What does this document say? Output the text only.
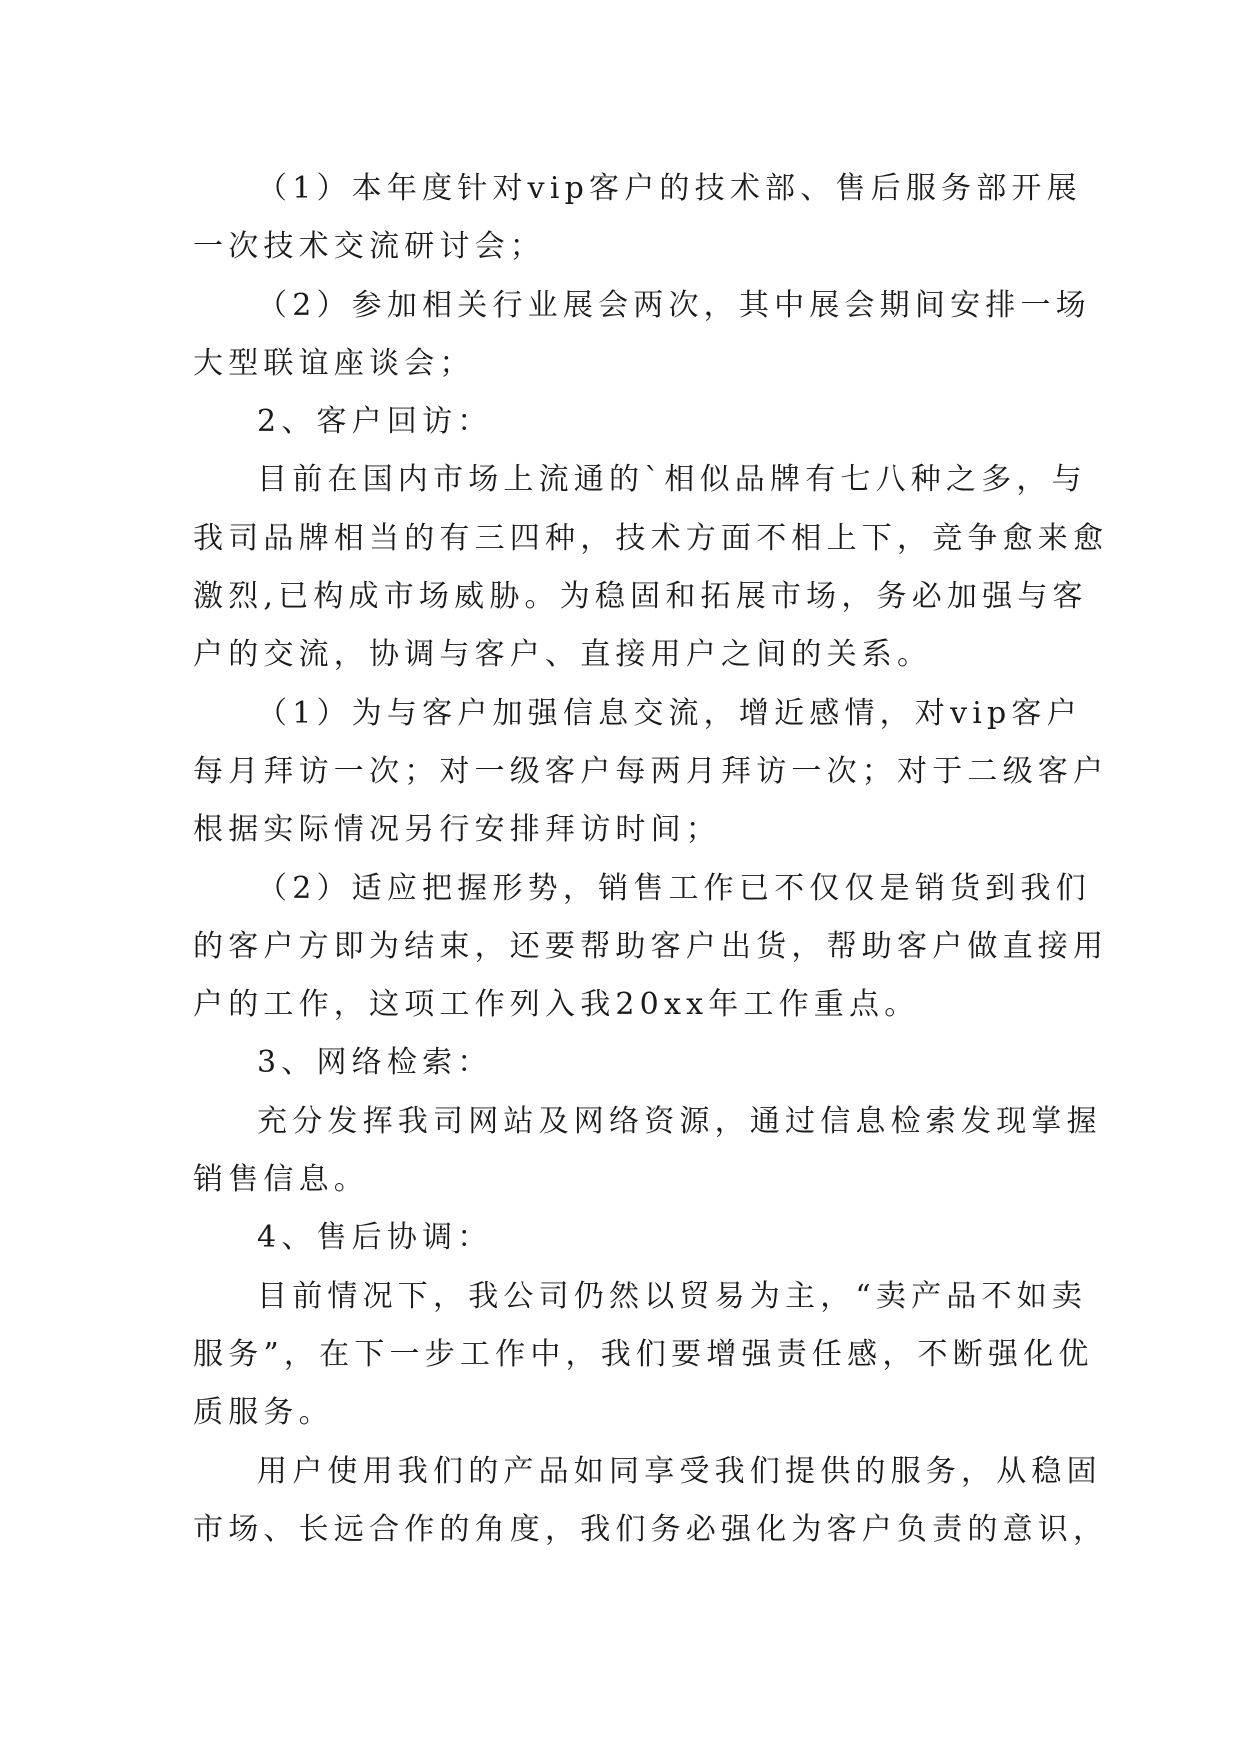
（1）本年度针对vip客户的技术部、售后服务部开展
一次技术交流研讨会；
（2）参加相关行业展会两次，其中展会期间安排一场
大型联谊座谈会；
2、客户回访：
目前在国内市场上流通的`相似品牌有七八种之多，与
我司品牌相当的有三四种，技术方面不相上下，竞争愈来愈
激烈,已构成市场威胁。为稳固和拓展市场，务必加强与客
户的交流，协调与客户、直接用户之间的关系。
（1）为与客户加强信息交流，增近感情，对vip客户
每月拜访一次；对一级客户每两月拜访一次；对于二级客户
根据实际情况另行安排拜访时间；
（2）适应把握形势，销售工作已不仅仅是销货到我们
的客户方即为结束，还要帮助客户出货，帮助客户做直接用
户的工作，这项工作列入我20xx年工作重点。
3、网络检索：
充分发挥我司网站及网络资源，通过信息检索发现掌握
销售信息。
4、售后协调：
目前情况下，我公司仍然以贸易为主，“卖产品不如卖
服务”，在下一步工作中，我们要增强责任感，不断强化优
质服务。
用户使用我们的产品如同享受我们提供的服务，从稳固
市场、长远合作的角度，我们务必强化为客户负责的意识，
